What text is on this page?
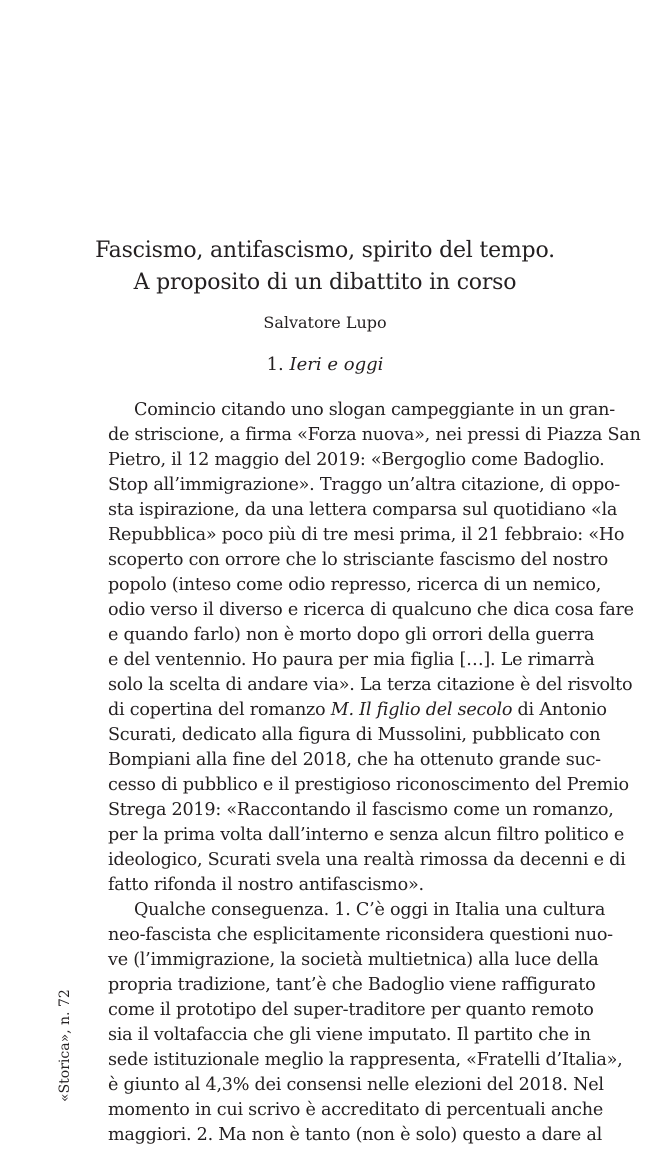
Fascismo, antifascismo, spirito del tempo.
A proposito di un dibattito in corso
Salvatore Lupo
1. Ieri e oggi
Comincio citando uno slogan campeggiante in un gran-
de striscione, a firma «Forza nuova», nei pressi di Piazza San
Pietro, il 12 maggio del 2019: «Bergoglio come Badoglio.
Stop all’immigrazione». Traggo un’altra citazione, di oppo-
sta ispirazione, da una lettera comparsa sul quotidiano «la
Repubblica» poco più di tre mesi prima, il 21 febbraio: «Ho
scoperto con orrore che lo strisciante fascismo del nostro
popolo (inteso come odio represso, ricerca di un nemico,
odio verso il diverso e ricerca di qualcuno che dica cosa fare
e quando farlo) non è morto dopo gli orrori della guerra
e del ventennio. Ho paura per mia figlia […]. Le rimarrà
solo la scelta di andare via». La terza citazione è del risvolto
di copertina del romanzo M. Il figlio del secolo di Antonio
Scurati, dedicato alla figura di Mussolini, pubblicato con
Bompiani alla fine del 2018, che ha ottenuto grande suc-
cesso di pubblico e il prestigioso riconoscimento del Premio
Strega 2019: «Raccontando il fascismo come un romanzo,
per la prima volta dall’interno e senza alcun filtro politico e
ideologico, Scurati svela una realtà rimossa da decenni e di
fatto rifonda il nostro antifascismo».
Qualche conseguenza. 1. C’è oggi in Italia una cultura
neo-fascista che esplicitamente riconsidera questioni nuo-
ve (l’immigrazione, la società multietnica) alla luce della
propria tradizione, tant’è che Badoglio viene raffigurato
come il prototipo del super-traditore per quanto remoto
sia il voltafaccia che gli viene imputato. Il partito che in
sede istituzionale meglio la rappresenta, «Fratelli d’Italia»,
è giunto al 4,3% dei consensi nelle elezioni del 2018. Nel
momento in cui scrivo è accreditato di percentuali anche
maggiori. 2. Ma non è tanto (non è solo) questo a dare al
«Storica», n. 72
